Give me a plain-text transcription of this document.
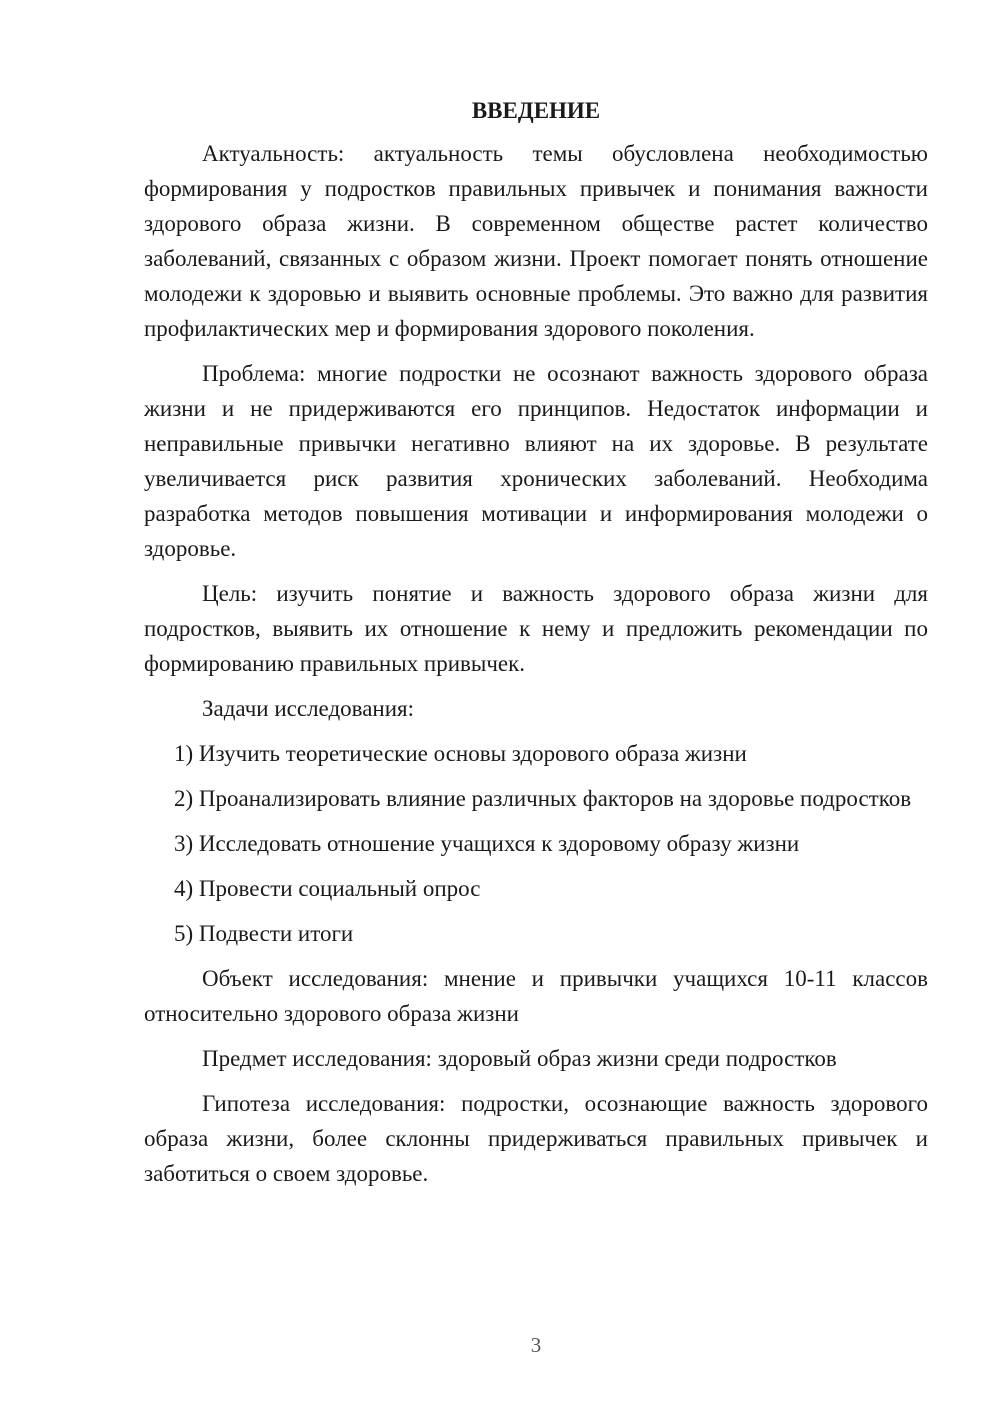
ВВЕДЕНИЕ

Актуальность: актуальность темы обусловлена необходимостью формирования у подростков правильных привычек и понимания важности здорового образа жизни. В современном обществе растет количество заболеваний, связанных с образом жизни. Проект помогает понять отношение молодежи к здоровью и выявить основные проблемы. Это важно для развития профилактических мер и формирования здорового поколения.

Проблема: многие подростки не осознают важность здорового образа жизни и не придерживаются его принципов. Недостаток информации и неправильные привычки негативно влияют на их здоровье. В результате увеличивается риск развития хронических заболеваний. Необходима разработка методов повышения мотивации и информирования молодежи о здоровье.

Цель: изучить понятие и важность здорового образа жизни для подростков, выявить их отношение к нему и предложить рекомендации по формированию правильных привычек.

Задачи исследования:

1) Изучить теоретические основы здорового образа жизни

2) Проанализировать влияние различных факторов на здоровье подростков

3) Исследовать отношение учащихся к здоровому образу жизни

4) Провести социальный опрос

5) Подвести итоги

Объект исследования: мнение и привычки учащихся 10-11 классов относительно здорового образа жизни

Предмет исследования: здоровый образ жизни среди подростков

Гипотеза исследования: подростки, осознающие важность здорового образа жизни, более склонны придерживаться правильных привычек и заботиться о своем здоровье.

3
